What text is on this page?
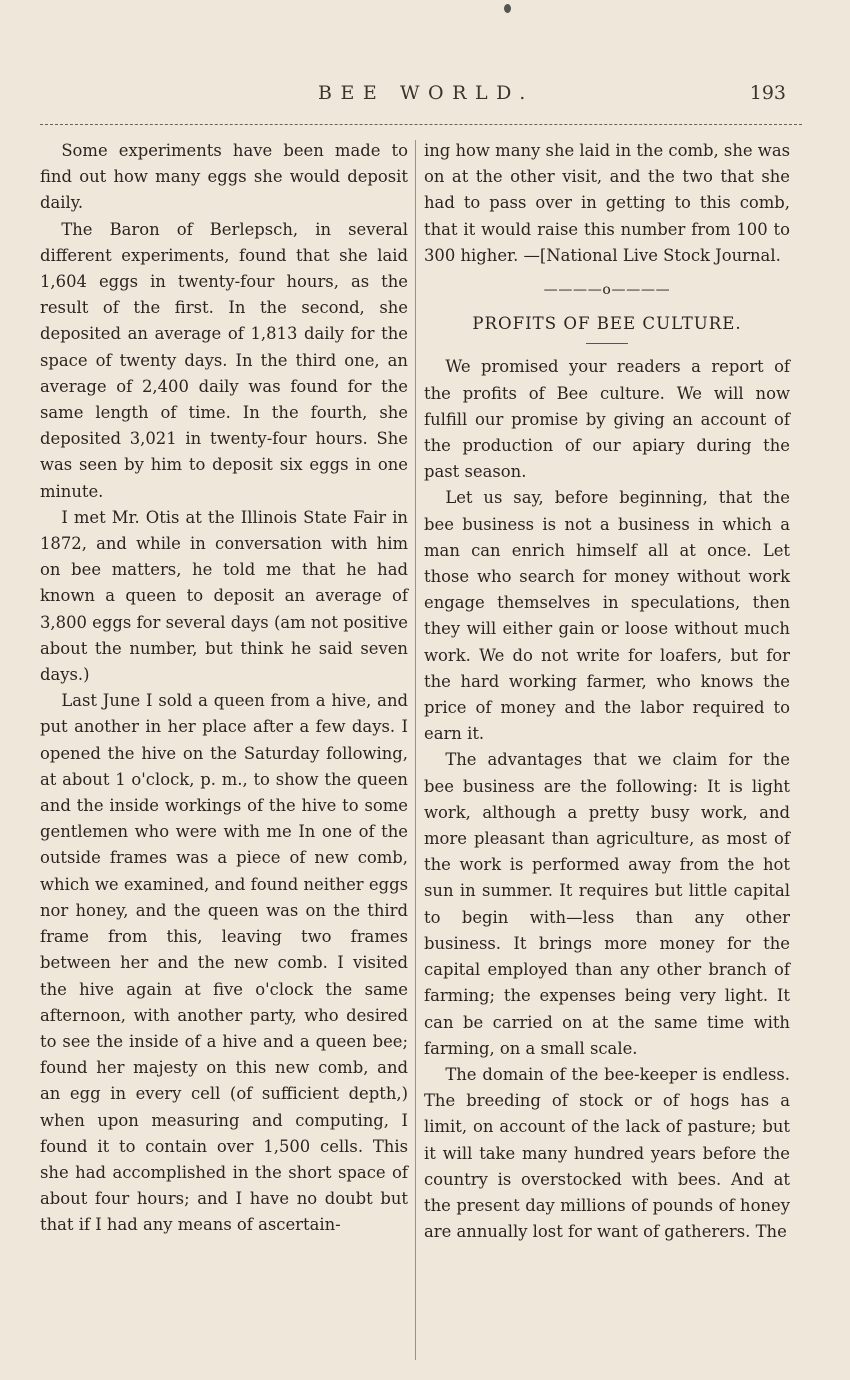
BEE WORLD.	193

Some experiments have been made to find out how many eggs she would deposit daily.

The Baron of Berlepsch, in several different experiments, found that she laid 1,604 eggs in twenty-four hours, as the result of the first. In the second, she deposited an average of 1,813 daily for the space of twenty days. In the third one, an average of 2,400 daily was found for the same length of time. In the fourth, she deposited 3,021 in twenty-four hours. She was seen by him to deposit six eggs in one minute.

I met Mr. Otis at the Illinois State Fair in 1872, and while in conversation with him on bee matters, he told me that he had known a queen to deposit an average of 3,800 eggs for several days (am not positive about the number, but think he said seven days.)

Last June I sold a queen from a hive, and put another in her place after a few days. I opened the hive on the Saturday following, at about 1 o'clock, p. m., to show the queen and the inside workings of the hive to some gentlemen who were with me In one of the outside frames was a piece of new comb, which we examined, and found neither eggs nor honey, and the queen was on the third frame from this, leaving two frames between her and the new comb. I visited the hive again at five o'clock the same afternoon, with another party, who desired to see the inside of a hive and a queen bee; found her majesty on this new comb, and an egg in every cell (of sufficient depth,) when upon measuring and computing, I found it to contain over 1,500 cells. This she had accomplished in the short space of about four hours; and I have no doubt but that if I had any means of ascertain-

ing how many she laid in the comb, she was on at the other visit, and the two that she had to pass over in getting to this comb, that it would raise this number from 100 to 300 higher. —[National Live Stock Journal.

————o————
PROFITS OF BEE CULTURE.

We promised your readers a report of the profits of Bee culture. We will now fulfill our promise by giving an account of the production of our apiary during the past season.

Let us say, before beginning, that the bee business is not a business in which a man can enrich himself all at once. Let those who search for money without work engage themselves in speculations, then they will either gain or loose without much work. We do not write for loafers, but for the hard working farmer, who knows the price of money and the labor required to earn it.

The advantages that we claim for the bee business are the following: It is light work, although a pretty busy work, and more pleasant than agriculture, as most of the work is performed away from the hot sun in summer. It requires but little capital to begin with—less than any other business. It brings more money for the capital employed than any other branch of farming; the expenses being very light. It can be carried on at the same time with farming, on a small scale.

The domain of the bee-keeper is endless. The breeding of stock or of hogs has a limit, on account of the lack of pasture; but it will take many hundred years before the country is overstocked with bees. And at the present day millions of pounds of honey are annually lost for want of gatherers. The
